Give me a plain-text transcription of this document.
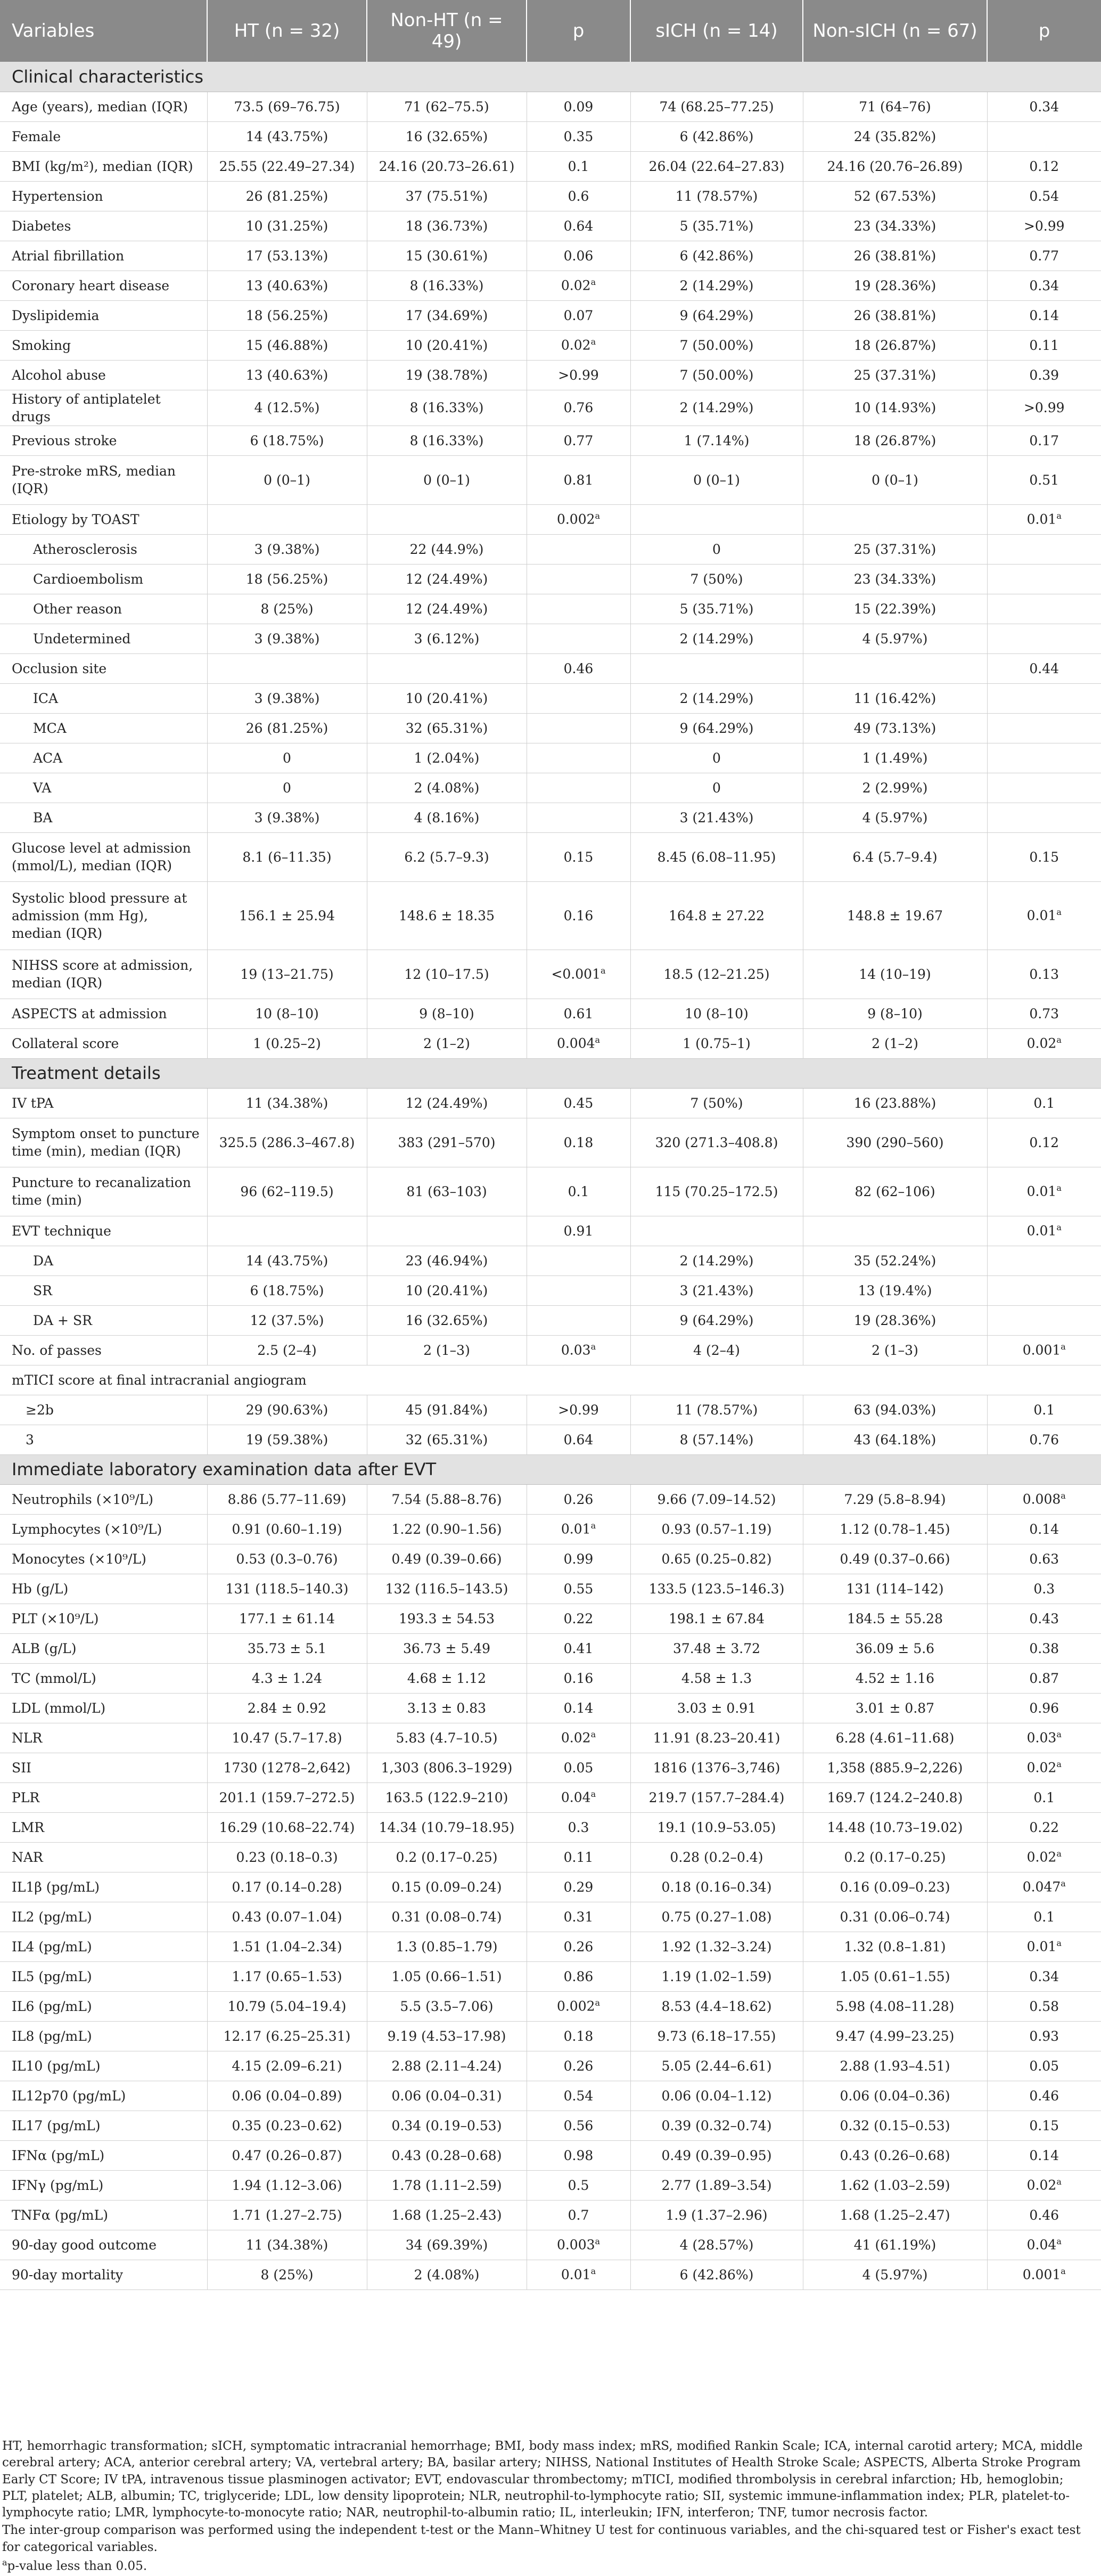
Variables	HT (n = 32)	Non-HT (n = 49)	p	sICH (n = 14)	Non-sICH (n = 67)	p
Clinical characteristics						
Age (years), median (IQR)	73.5 (69–76.75)	71 (62–75.5)	0.09	74 (68.25–77.25)	71 (64–76)	0.34
Female	14 (43.75%)	16 (32.65%)	0.35	6 (42.86%)	24 (35.82%)	
BMI (kg/m²), median (IQR)	25.55 (22.49–27.34)	24.16 (20.73–26.61)	0.1	26.04 (22.64–27.83)	24.16 (20.76–26.89)	0.12
Hypertension	26 (81.25%)	37 (75.51%)	0.6	11 (78.57%)	52 (67.53%)	0.54
Diabetes	10 (31.25%)	18 (36.73%)	0.64	5 (35.71%)	23 (34.33%)	>0.99
Atrial fibrillation	17 (53.13%)	15 (30.61%)	0.06	6 (42.86%)	26 (38.81%)	0.77
Coronary heart disease	13 (40.63%)	8 (16.33%)	0.02$^a$	2 (14.29%)	19 (28.36%)	0.34
Dyslipidemia	18 (56.25%)	17 (34.69%)	0.07	9 (64.29%)	26 (38.81%)	0.14
Smoking	15 (46.88%)	10 (20.41%)	0.02$^a$	7 (50.00%)	18 (26.87%)	0.11
Alcohol abuse	13 (40.63%)	19 (38.78%)	>0.99	7 (50.00%)	25 (37.31%)	0.39
History of antiplatelet drugs	4 (12.5%)	8 (16.33%)	0.76	2 (14.29%)	10 (14.93%)	>0.99
Previous stroke	6 (18.75%)	8 (16.33%)	0.77	1 (7.14%)	18 (26.87%)	0.17
Pre-stroke mRS, median (IQR)	0 (0–1)	0 (0–1)	0.81	0 (0–1)	0 (0–1)	0.51
Etiology by TOAST			0.002$^a$			0.01$^a$
Atherosclerosis	3 (9.38%)	22 (44.9%)		0	25 (37.31%)	
Cardioembolism	18 (56.25%)	12 (24.49%)		7 (50%)	23 (34.33%)	
Other reason	8 (25%)	12 (24.49%)		5 (35.71%)	15 (22.39%)	
Undetermined	3 (9.38%)	3 (6.12%)		2 (14.29%)	4 (5.97%)	
Occlusion site			0.46			0.44
ICA	3 (9.38%)	10 (20.41%)		2 (14.29%)	11 (16.42%)	
MCA	26 (81.25%)	32 (65.31%)		9 (64.29%)	49 (73.13%)	
ACA	0	1 (2.04%)		0	1 (1.49%)	
VA	0	2 (4.08%)		0	2 (2.99%)	
BA	3 (9.38%)	4 (8.16%)		3 (21.43%)	4 (5.97%)	
Glucose level at admission (mmol/L), median (IQR)	8.1 (6–11.35)	6.2 (5.7–9.3)	0.15	8.45 (6.08–11.95)	6.4 (5.7–9.4)	0.15
Systolic blood pressure at admission (mm Hg), median (IQR)	156.1 ± 25.94	148.6 ± 18.35	0.16	164.8 ± 27.22	148.8 ± 19.67	0.01$^a$
NIHSS score at admission, median (IQR)	19 (13–21.75)	12 (10–17.5)	<0.001$^a$	18.5 (12–21.25)	14 (10–19)	0.13
ASPECTS at admission	10 (8–10)	9 (8–10)	0.61	10 (8–10)	9 (8–10)	0.73
Collateral score	1 (0.25–2)	2 (1–2)	0.004$^a$	1 (0.75–1)	2 (1–2)	0.02$^a$
Treatment details						
IV tPA	11 (34.38%)	12 (24.49%)	0.45	7 (50%)	16 (23.88%)	0.1
Symptom onset to puncture time (min), median (IQR)	325.5 (286.3–467.8)	383 (291–570)	0.18	320 (271.3–408.8)	390 (290–560)	0.12
Puncture to recanalization time (min)	96 (62–119.5)	81 (63–103)	0.1	115 (70.25–172.5)	82 (62–106)	0.01$^a$
EVT technique			0.91			0.01$^a$
DA	14 (43.75%)	23 (46.94%)		2 (14.29%)	35 (52.24%)	
SR	6 (18.75%)	10 (20.41%)		3 (21.43%)	13 (19.4%)	
DA + SR	12 (37.5%)	16 (32.65%)		9 (64.29%)	19 (28.36%)	
No. of passes	2.5 (2–4)	2 (1–3)	0.03$^a$	4 (2–4)	2 (1–3)	0.001$^a$
mTICI score at final intracranial angiogram						
≥2b	29 (90.63%)	45 (91.84%)	>0.99	11 (78.57%)	63 (94.03%)	0.1
3	19 (59.38%)	32 (65.31%)	0.64	8 (57.14%)	43 (64.18%)	0.76
Immediate laboratory examination data after EVT						
Neutrophils (×10⁹/L)	8.86 (5.77–11.69)	7.54 (5.88–8.76)	0.26	9.66 (7.09–14.52)	7.29 (5.8–8.94)	0.008$^a$
Lymphocytes (×10⁹/L)	0.91 (0.60–1.19)	1.22 (0.90–1.56)	0.01$^a$	0.93 (0.57–1.19)	1.12 (0.78–1.45)	0.14
Monocytes (×10⁹/L)	0.53 (0.3–0.76)	0.49 (0.39–0.66)	0.99	0.65 (0.25–0.82)	0.49 (0.37–0.66)	0.63
Hb (g/L)	131 (118.5–140.3)	132 (116.5–143.5)	0.55	133.5 (123.5–146.3)	131 (114–142)	0.3
PLT (×10⁹/L)	177.1 ± 61.14	193.3 ± 54.53	0.22	198.1 ± 67.84	184.5 ± 55.28	0.43
ALB (g/L)	35.73 ± 5.1	36.73 ± 5.49	0.41	37.48 ± 3.72	36.09 ± 5.6	0.38
TC (mmol/L)	4.3 ± 1.24	4.68 ± 1.12	0.16	4.58 ± 1.3	4.52 ± 1.16	0.87
LDL (mmol/L)	2.84 ± 0.92	3.13 ± 0.83	0.14	3.03 ± 0.91	3.01 ± 0.87	0.96
NLR	10.47 (5.7–17.8)	5.83 (4.7–10.5)	0.02$^a$	11.91 (8.23–20.41)	6.28 (4.61–11.68)	0.03$^a$
SII	1730 (1278–2,642)	1,303 (806.3–1929)	0.05	1816 (1376–3,746)	1,358 (885.9–2,226)	0.02$^a$
PLR	201.1 (159.7–272.5)	163.5 (122.9–210)	0.04$^a$	219.7 (157.7–284.4)	169.7 (124.2–240.8)	0.1
LMR	16.29 (10.68–22.74)	14.34 (10.79–18.95)	0.3	19.1 (10.9–53.05)	14.48 (10.73–19.02)	0.22
NAR	0.23 (0.18–0.3)	0.2 (0.17–0.25)	0.11	0.28 (0.2–0.4)	0.2 (0.17–0.25)	0.02$^a$
IL1β (pg/mL)	0.17 (0.14–0.28)	0.15 (0.09–0.24)	0.29	0.18 (0.16–0.34)	0.16 (0.09–0.23)	0.047$^a$
IL2 (pg/mL)	0.43 (0.07–1.04)	0.31 (0.08–0.74)	0.31	0.75 (0.27–1.08)	0.31 (0.06–0.74)	0.1
IL4 (pg/mL)	1.51 (1.04–2.34)	1.3 (0.85–1.79)	0.26	1.92 (1.32–3.24)	1.32 (0.8–1.81)	0.01$^a$
IL5 (pg/mL)	1.17 (0.65–1.53)	1.05 (0.66–1.51)	0.86	1.19 (1.02–1.59)	1.05 (0.61–1.55)	0.34
IL6 (pg/mL)	10.79 (5.04–19.4)	5.5 (3.5–7.06)	0.002$^a$	8.53 (4.4–18.62)	5.98 (4.08–11.28)	0.58
IL8 (pg/mL)	12.17 (6.25–25.31)	9.19 (4.53–17.98)	0.18	9.73 (6.18–17.55)	9.47 (4.99–23.25)	0.93
IL10 (pg/mL)	4.15 (2.09–6.21)	2.88 (2.11–4.24)	0.26	5.05 (2.44–6.61)	2.88 (1.93–4.51)	0.05
IL12p70 (pg/mL)	0.06 (0.04–0.89)	0.06 (0.04–0.31)	0.54	0.06 (0.04–1.12)	0.06 (0.04–0.36)	0.46
IL17 (pg/mL)	0.35 (0.23–0.62)	0.34 (0.19–0.53)	0.56	0.39 (0.32–0.74)	0.32 (0.15–0.53)	0.15
IFNα (pg/mL)	0.47 (0.26–0.87)	0.43 (0.28–0.68)	0.98	0.49 (0.39–0.95)	0.43 (0.26–0.68)	0.14
IFNγ (pg/mL)	1.94 (1.12–3.06)	1.78 (1.11–2.59)	0.5	2.77 (1.89–3.54)	1.62 (1.03–2.59)	0.02$^a$
TNFα (pg/mL)	1.71 (1.27–2.75)	1.68 (1.25–2.43)	0.7	1.9 (1.37–2.96)	1.68 (1.25–2.47)	0.46
90-day good outcome	11 (34.38%)	34 (69.39%)	0.003$^a$	4 (28.57%)	41 (61.19%)	0.04$^a$
90-day mortality	8 (25%)	2 (4.08%)	0.01$^a$	6 (42.86%)	4 (5.97%)	0.001$^a$

HT, hemorrhagic transformation; sICH, symptomatic intracranial hemorrhage; BMI, body mass index; mRS, modified Rankin Scale; ICA, internal carotid artery; MCA, middle cerebral artery; ACA, anterior cerebral artery; VA, vertebral artery; BA, basilar artery; NIHSS, National Institutes of Health Stroke Scale; ASPECTS, Alberta Stroke Program Early CT Score; IV tPA, intravenous tissue plasminogen activator; EVT, endovascular thrombectomy; mTICI, modified thrombolysis in cerebral infarction; Hb, hemoglobin; PLT, platelet; ALB, albumin; TC, triglyceride; LDL, low density lipoprotein; NLR, neutrophil-to-lymphocyte ratio; SII, systemic immune-inflammation index; PLR, platelet-to-lymphocyte ratio; LMR, lymphocyte-to-monocyte ratio; NAR, neutrophil-to-albumin ratio; IL, interleukin; IFN, interferon; TNF, tumor necrosis factor.

The inter-group comparison was performed using the independent t-test or the Mann–Whitney U test for continuous variables, and the chi-squared test or Fisher's exact test for categorical variables.

$^a$p-value less than 0.05.
